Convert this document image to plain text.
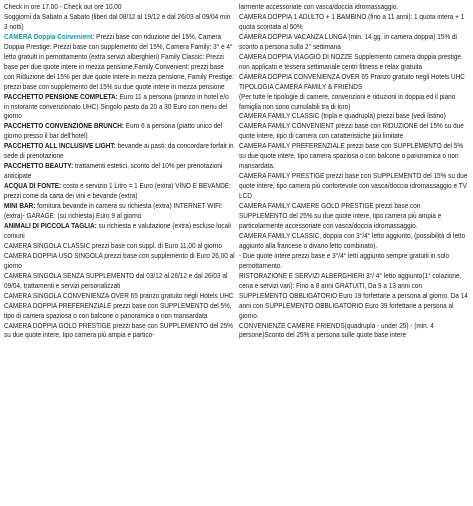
Check in ore 17.00 - Check out ore 10.00

Soggiorni da Sabato a Sabato (liberi dal 08/12 al 19/12 e dal 26/03 al 09/04 min 3 notti)

CAMERA Doppia Convenient: Prezzi base con riduzione del 15%, Camera Doppia Prestige: Prezzi base con supplemento del 15%, Camera Family: 3° e 4° letto gratuiti in pernottamento (extra servizi alberghieri) Family Classic: Prezzi base per due quote intere in mezza pensione,Family Convenient: prezzi base con Riduzione del 15% per due quote intere in mezza pensione, Family Prestige: prezzi base con supplemento del 15% su due quote intere in mezza pensione

PACCHETTO PENSIONE COMPLETA: Euro 11 a persona (pranzo in hotel e/o in ristorante convenzionato UHC) Singolo pasto da 20 a 30 Euro con menu del giorno

PACCHETTO CONVENZIONE BRUNCH: Euro 6 a persona (piatto unico del giorno presso il bar dell'hotel)

PACCHETTO ALL INCLUSIVE LIGHT: bevande ai pasti: da concordare forfait in sede di prenotazione

PACCHETTO BEAUTY: trattamenti estetici, sconto del 10% per prenotazioni anticipate

ACQUA DI FONTE: costo e servizio 1 Litro = 1 Euro (extra) VINO E BEVANDE: prezzi come da carta dei vini e bevande (extra)

MINI BAR: fornitura bevande in camera su richiesta (extra) INTERNET WIFI: (extra)- GARAGE: (su richiesta) Euro 9 al giorno

ANIMALI DI PICCOLA TAGLIA: su richiesta e valutazione (extra) escluso locali comuni

CAMERA SINGOLA CLASSIC prezzi base con suppl. di Euro 11,00 al giorno

CAMERA DOPPIA USO SINGOLA prezzi base con supplemento di Euro 26,00 al giorno

CAMERA SINGOLA SENZA SUPPLEMENTO dal 03/12 al 26/12 e dal 26/03 al 09/04, trattamenti e servizi personalizzati

CAMERA SINGOLA CONVENIENZA OVER 65 pranzo gratuito negli Hotels UHC

CAMERA DOPPIA PREFERENZIALE prezzi base con SUPPLEMENTO del 5%, tipo di camera spaziosa o con balcone o panoramica o non mansardata

CAMERA DOPPIA GOLD PRESTIGE prezzi base con SUPPLEMENTO del 25% su due quote intere, tipo camera più ampia e partico-

larmente accessoriate con vasca/doccia idromassaggio.

CAMERA DOPPIA 1 ADULTO + 1 BAMBINO (fino a 11 anni): 1 quota intera + 1 quota scontata al 50%

CAMERA DOPPIA VACANZA LUNGA (min. 14 gg. in camera doppia) 15% di sconto a persona sulla 2° settimana

CAMERA DOPPIA VIAGGIO DI NOZZE Supplemento camera doppia prestige non applicato e tessera settimanale centri fitness e relax gratuita

CAMERA DOPPIA CONVENIENZA OVER 65 Pranzo gratuito negli Hotels UHC

TIPOLOGIA CAMERA FAMILY & FRIENDS

(Per tutte le tipologie di camere, convenzioni e riduzioni in doppia ed il piano famiglia non sono cumulabili tra di loro)

CAMERA FAMILY CLASSIC (tripla e quadrupla) prezzi base (vedi listino)

CAMERA FAMILY CONVENIENT prezzi base con RIDUZIONE del 15% su due quote intere, tipo di camera con caratteristiche più limitate

CAMERA FAMILY PREFERENZIALE prezzi base con SUPPLEMENTO del 5% su due quote intere, tipo camera spaziosa o con balcone o panoramica o non mansardata.

CAMERA FAMILY PRESTIGE prezzi base con SUPPLEMENTO del 15% su due quote intere, tipo camera più confortevole con vasca/doccia idromassaggio e TV LCD

CAMERA FAMILY CAMERE GOLD PRESTIGE prezzi base con SUPPLEMENTO del 25% su due quote intere, tipo camera più ampia e particolarmente accessoriate con vasca/doccia idromassaggio.

CAMERA FAMILY CLASSIC, doppia con 3°/4° letto aggiunto, (possibilità di letto aggiunto alla francese o divano letto combinato).

- Due quote intere prezzi base e 3°/4° letti aggiunto sempre gratuiti in solo pernottamento.

RISTORAZIONE E SERVIZI ALBERGHIERI 3°/ 4° letto aggiunto(1° colazione, cena e servizi vari): Fino a 8 anni GRATUITI, Da 9 a 13 anni con SUPPLEMENTO OBBLIGATORIO Euro 19 forfettarie a persona al giorno. Da 14 anni con SUPPLEMENTO OBBLIGATORIO Euro 39 forfettarie a persona al giorno.

CONVENIENZE CAMERE FRIENDS(quadrupla - under 25) - (min. 4 persone)Sconto del 25% a persona sulle quote base intere
